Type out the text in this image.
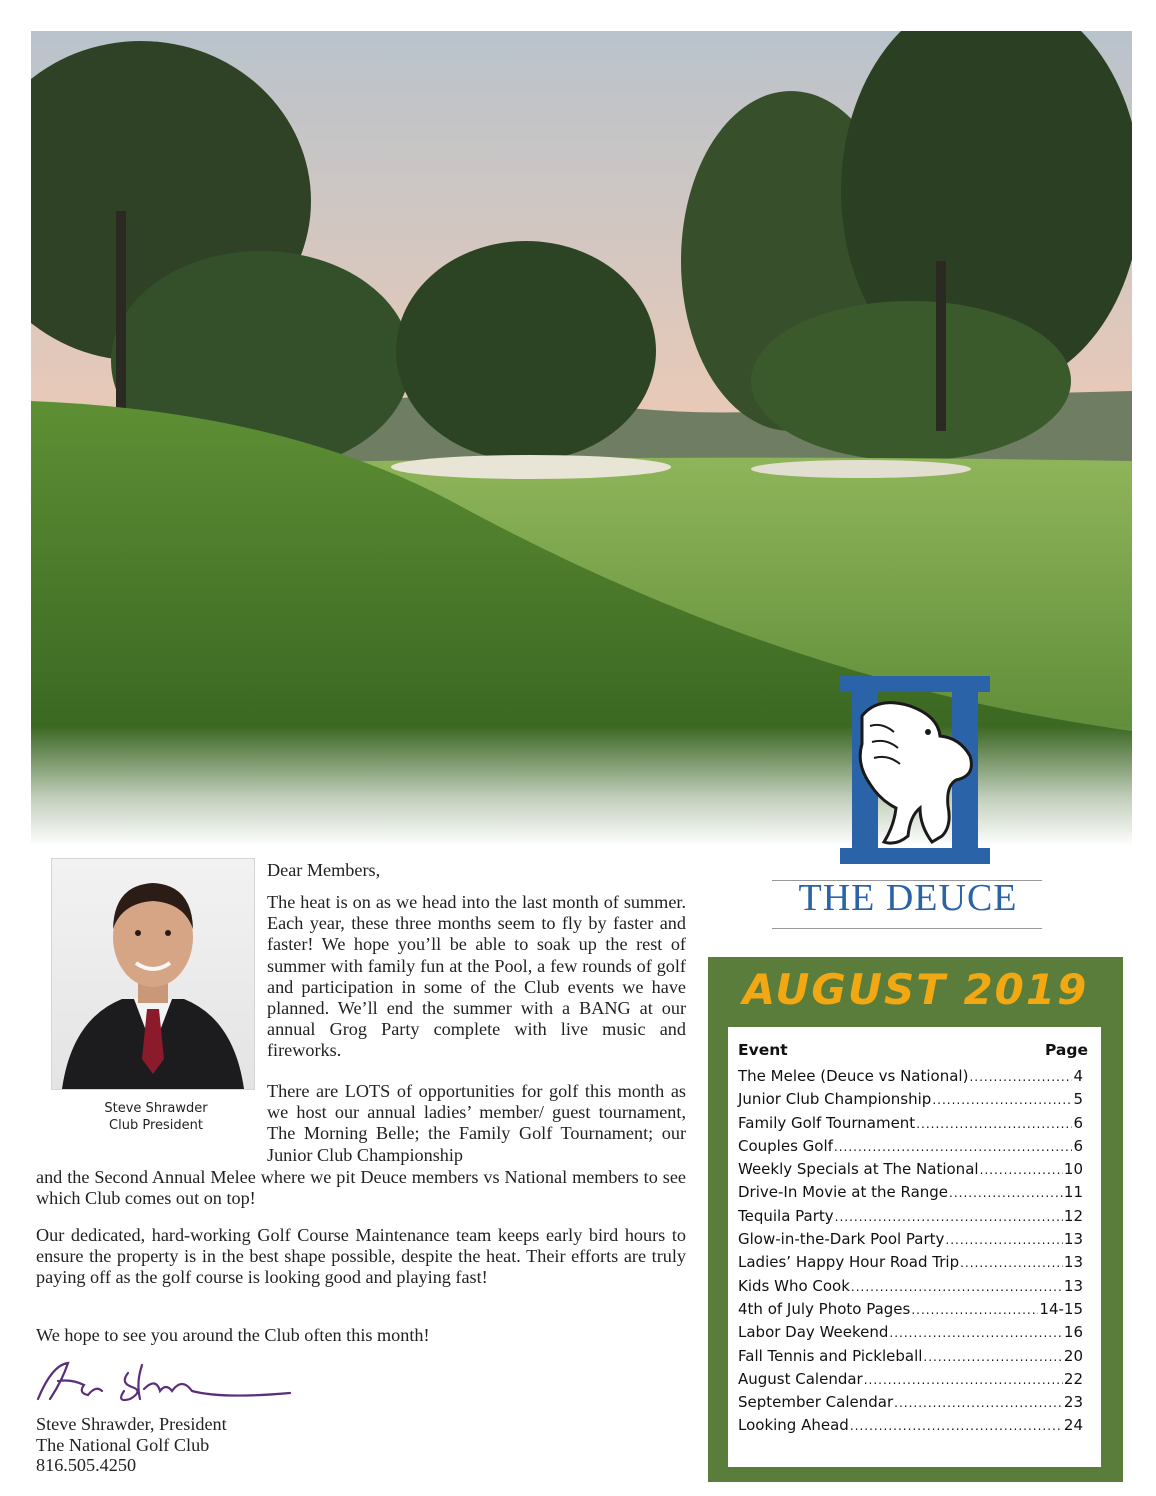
THE DEUCE
Steve Shrawder
Club President

Dear Members,

The heat is on as we head into the last month of summer. Each year, these three months seem to fly by faster and faster! We hope you’ll be able to soak up the rest of summer with family fun at the Pool, a few rounds of golf and participation in some of the Club events we have planned. We’ll end the summer with a BANG at our annual Grog Party complete with live music and fireworks.

There are LOTS of opportunities for golf this month as we host our annual ladies’ member/ guest tournament, The Morning Belle; the Family Golf Tournament; our Junior Club Championship

and the Second Annual Melee where we pit Deuce members vs National members to see which Club comes out on top!

Our dedicated, hard-working Golf Course Maintenance team keeps early bird hours to ensure the property is in the best shape possible, despite the heat. Their efforts are truly paying off as the golf course is looking good and playing fast!

We hope to see you around the Club often this month!

Steve Shrawder, President
The National Golf Club
816.505.4250
AUGUST 2019
Event	Page
The Melee (Deuce vs National) .....	4
Junior Club Championship .....	5
Family Golf Tournament .....	6
Couples Golf .....	6
Weekly Specials at The National .....	10
Drive-In Movie at the Range .....	11
Tequila Party .....	12
Glow-in-the-Dark Pool Party .....	13
Ladies’ Happy Hour Road Trip .....	13
Kids Who Cook .....	13
4th of July Photo Pages .....	14-15
Labor Day Weekend .....	16
Fall Tennis and Pickleball .....	20
August Calendar .....	22
September Calendar .....	23
Looking Ahead .....	24
